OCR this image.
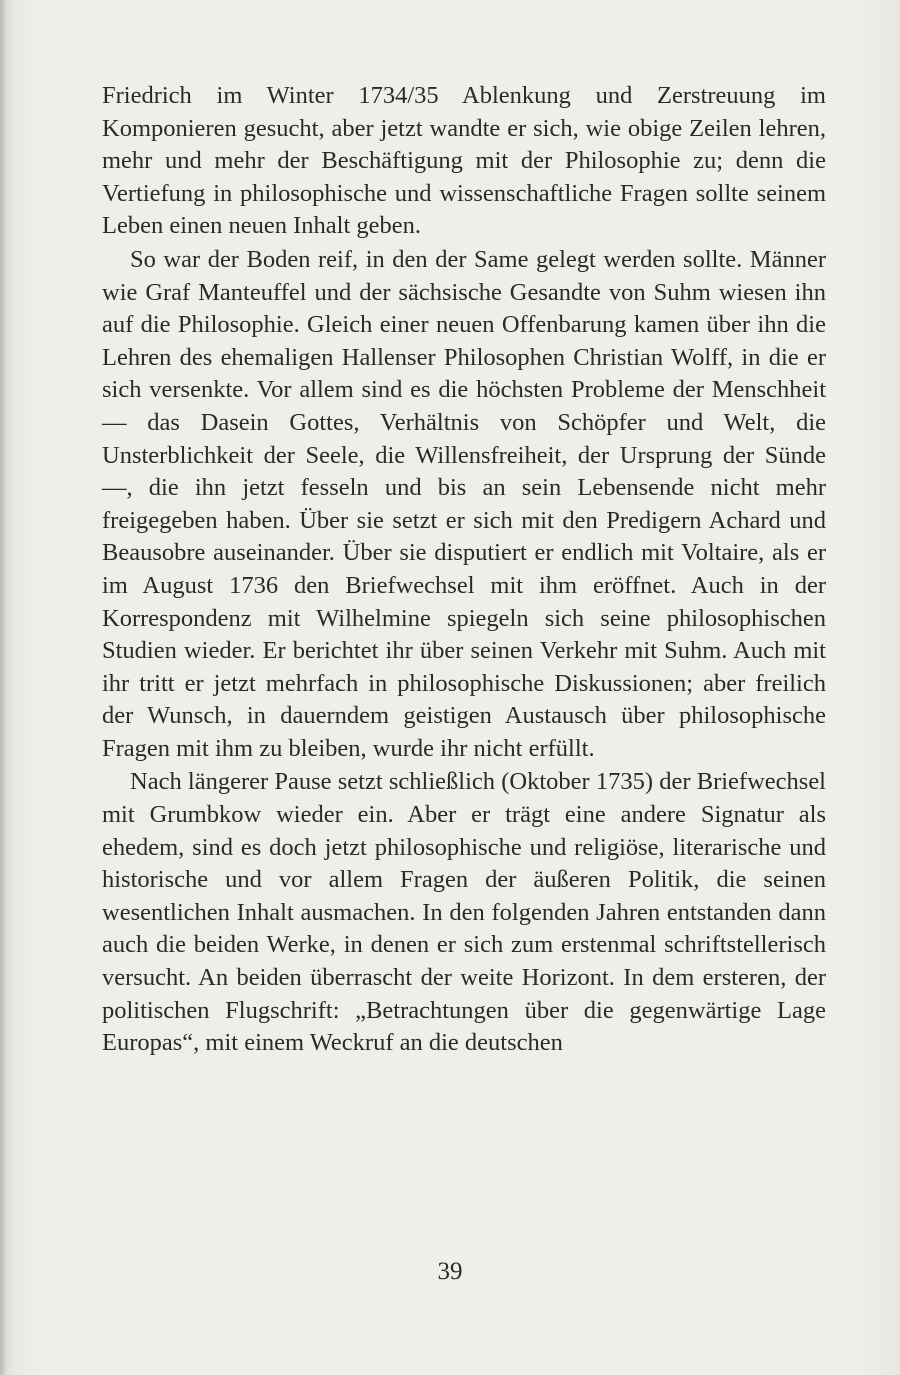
Friedrich im Winter 1734/35 Ablenkung und Zerstreuung im Komponieren gesucht, aber jetzt wandte er sich, wie obige Zeilen lehren, mehr und mehr der Beschäftigung mit der Philosophie zu; denn die Vertiefung in philosophische und wissenschaftliche Fragen sollte seinem Leben einen neuen Inhalt geben.

So war der Boden reif, in den der Same gelegt werden sollte. Männer wie Graf Manteuffel und der sächsische Gesandte von Suhm wiesen ihn auf die Philosophie. Gleich einer neuen Offenbarung kamen über ihn die Lehren des ehemaligen Hallenser Philosophen Christian Wolff, in die er sich versenkte. Vor allem sind es die höchsten Probleme der Menschheit — das Dasein Gottes, Verhältnis von Schöpfer und Welt, die Unsterblichkeit der Seele, die Willensfreiheit, der Ursprung der Sünde —, die ihn jetzt fesseln und bis an sein Lebensende nicht mehr freigegeben haben. Über sie setzt er sich mit den Predigern Achard und Beausobre auseinander. Über sie disputiert er endlich mit Voltaire, als er im August 1736 den Briefwechsel mit ihm eröffnet. Auch in der Korrespondenz mit Wilhelmine spiegeln sich seine philosophischen Studien wieder. Er berichtet ihr über seinen Verkehr mit Suhm. Auch mit ihr tritt er jetzt mehrfach in philosophische Diskussionen; aber freilich der Wunsch, in dauerndem geistigen Austausch über philosophische Fragen mit ihm zu bleiben, wurde ihr nicht erfüllt.

Nach längerer Pause setzt schließlich (Oktober 1735) der Briefwechsel mit Grumbkow wieder ein. Aber er trägt eine andere Signatur als ehedem, sind es doch jetzt philosophische und religiöse, literarische und historische und vor allem Fragen der äußeren Politik, die seinen wesentlichen Inhalt ausmachen. In den folgenden Jahren entstanden dann auch die beiden Werke, in denen er sich zum erstenmal schriftstellerisch versucht. An beiden überrascht der weite Horizont. In dem ersteren, der politischen Flugschrift: „Betrachtungen über die gegenwärtige Lage Europas“, mit einem Weckruf an die deutschen

39
